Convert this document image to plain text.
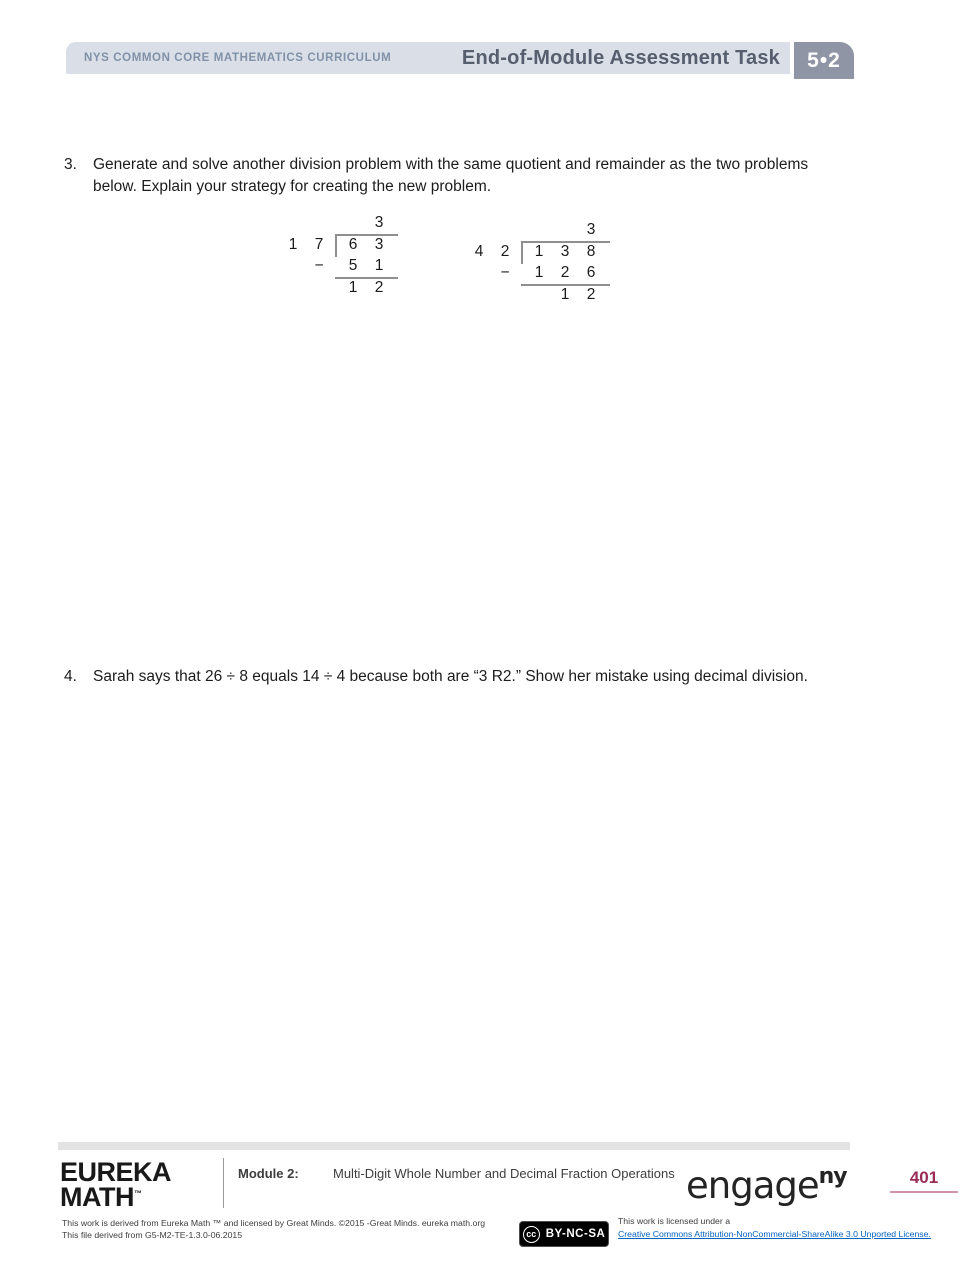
NYS COMMON CORE MATHEMATICS CURRICULUM	End-of-Module Assessment Task	5•2
3.	Generate and solve another division problem with the same quotient and remainder as the two problems below. Explain your strategy for creating the new problem.
3
1	7	6	3
−	5	1
1	2
3
4	2	1	3	8
−	1	2	6
1	2
4.	Sarah says that 26 ÷ 8 equals 14 ÷ 4 because both are “3 R2.” Show her mistake using decimal division.
EUREKA
MATH™
Module 2:	Multi-Digit Whole Number and Decimal Fraction Operations engageny	401
This work is derived from Eureka Math ™ and licensed by Great Minds. ©2015 -Great Minds. eureka math.org
This file derived from G5-M2-TE-1.3.0-06.2015	cc BY-NC-SA
This work is licensed under a
Creative Commons Attribution-NonCommercial-ShareAlike 3.0 Unported License.
